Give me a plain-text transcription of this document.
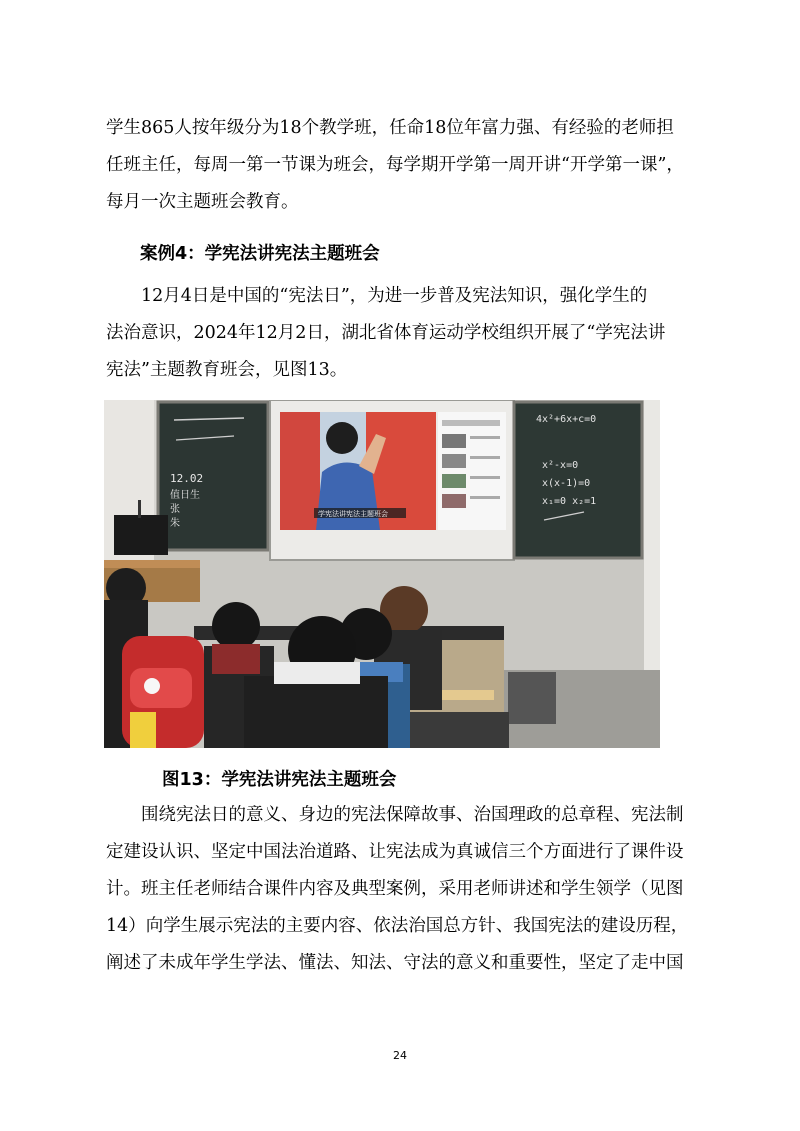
学生865人按年级分为18个教学班，任命18位年富力强、有经验的老师担
任班主任，每周一第一节课为班会，每学期开学第一周开讲“开学第一课”，
每月一次主题班会教育。
案例4：学宪法讲宪法主题班会
12月4日是中国的“宪法日”，为进一步普及宪法知识，强化学生的
法治意识，2024年12月2日，湖北省体育运动学校组织开展了“学宪法讲
宪法”主题教育班会，见图13。
12.02
值日生
张
朱
学宪法讲宪法主题班会
4x²+6x+c=0
x²-x=0
x(x-1)=0
x₁=0 x₂=1
图13：学宪法讲宪法主题班会
围绕宪法日的意义、身边的宪法保障故事、治国理政的总章程、宪法制
定建设认识、坚定中国法治道路、让宪法成为真诚信三个方面进行了课件设
计。班主任老师结合课件内容及典型案例，采用老师讲述和学生领学（见图
14）向学生展示宪法的主要内容、依法治国总方针、我国宪法的建设历程，
阐述了未成年学生学法、懂法、知法、守法的意义和重要性，坚定了走中国
24
